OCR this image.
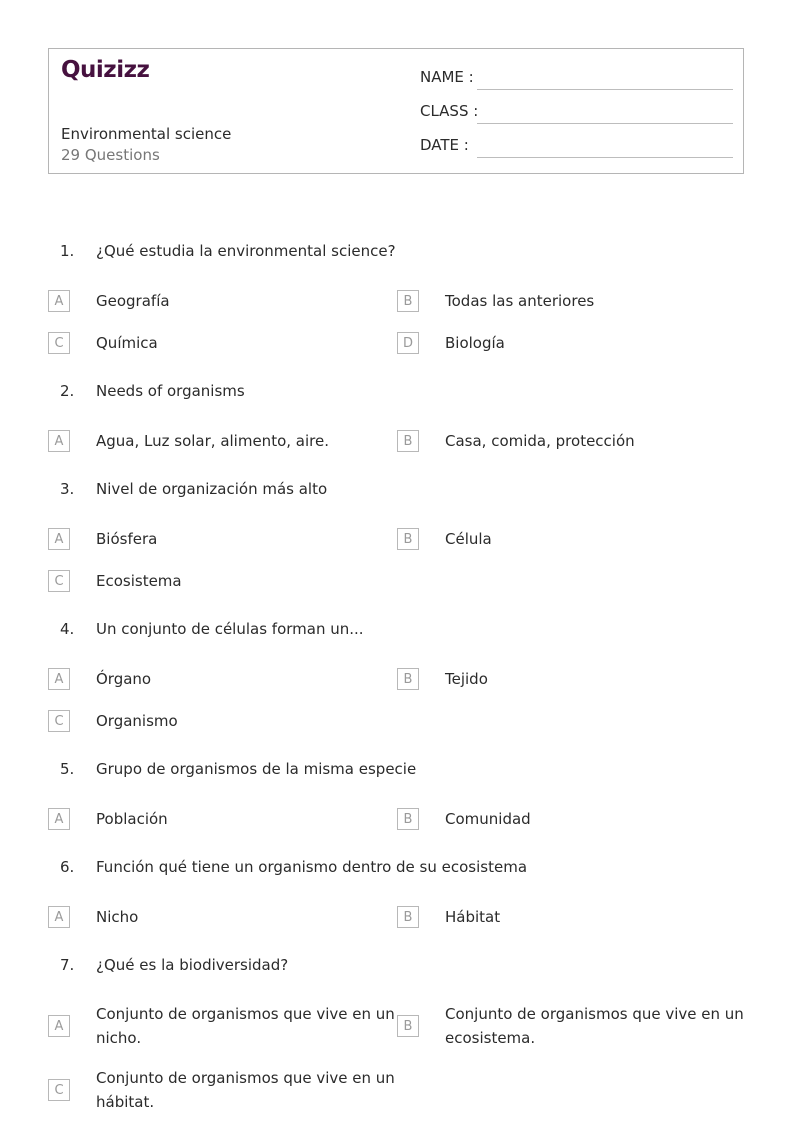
Quizizz
Environmental science
29 Questions
NAME :
CLASS :
DATE :
1. ¿Qué estudia la environmental science?
A	Geografía	B	Todas las anteriores
C	Química	D	Biología
2. Needs of organisms
A	Agua, Luz solar, alimento, aire.	B	Casa, comida, protección
3. Nivel de organización más alto
A	Biósfera	B	Célula
C	Ecosistema
4. Un conjunto de células forman un...
A	Órgano	B	Tejido
C	Organismo
5. Grupo de organismos de la misma especie
A	Población	B	Comunidad
6. Función qué tiene un organismo dentro de su ecosistema
A	Nicho	B	Hábitat
7. ¿Qué es la biodiversidad?
A
Conjunto de organismos que vive en un nicho.
B
Conjunto de organismos que vive en un ecosistema.
C
Conjunto de organismos que vive en un hábitat.
